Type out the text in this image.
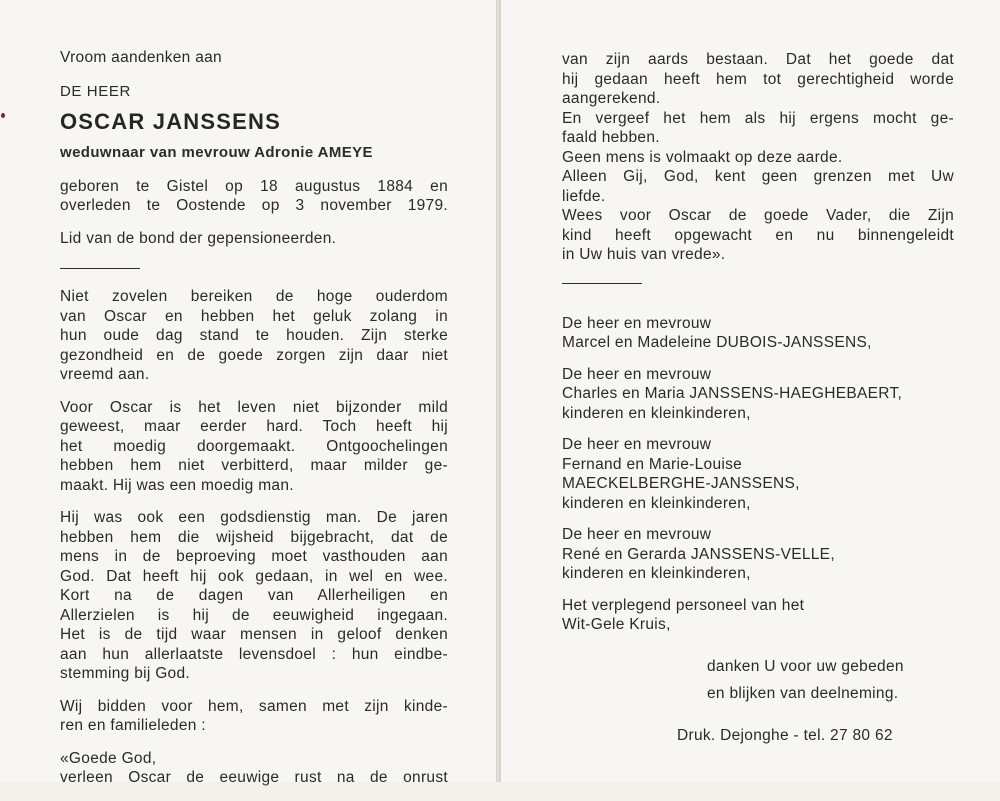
Vroom aandenken aan
DE HEER
OSCAR JANSSENS
weduwnaar van mevrouw Adronie AMEYE
geboren te Gistel op 18 augustus 1884 en
overleden te Oostende op 3 november 1979.
Lid van de bond der gepensioneerden.
Niet zovelen bereiken de hoge ouderdom
van Oscar en hebben het geluk zolang in
hun oude dag stand te houden. Zijn sterke
gezondheid en de goede zorgen zijn daar niet
vreemd aan.
Voor Oscar is het leven niet bijzonder mild
geweest, maar eerder hard. Toch heeft hij
het moedig doorgemaakt. Ontgoochelingen
hebben hem niet verbitterd, maar milder ge-
maakt. Hij was een moedig man.
Hij was ook een godsdienstig man. De jaren
hebben hem die wijsheid bijgebracht, dat de
mens in de beproeving moet vasthouden aan
God. Dat heeft hij ook gedaan, in wel en wee.
Kort na de dagen van Allerheiligen en
Allerzielen is hij de eeuwigheid ingegaan.
Het is de tijd waar mensen in geloof denken
aan hun allerlaatste levensdoel : hun eindbe-
stemming bij God.
Wij bidden voor hem, samen met zijn kinde-
ren en familieleden :
«Goede God,
verleen Oscar de eeuwige rust na de onrust
van zijn aards bestaan. Dat het goede dat
hij gedaan heeft hem tot gerechtigheid worde
aangerekend.
En vergeef het hem als hij ergens mocht ge-
faald hebben.
Geen mens is volmaakt op deze aarde.
Alleen Gij, God, kent geen grenzen met Uw
liefde.
Wees voor Oscar de goede Vader, die Zijn
kind heeft opgewacht en nu binnengeleidt
in Uw huis van vrede».
De heer en mevrouw
Marcel en Madeleine DUBOIS-JANSSENS,
De heer en mevrouw
Charles en Maria JANSSENS-HAEGHEBAERT,
kinderen en kleinkinderen,
De heer en mevrouw
Fernand en Marie-Louise
MAECKELBERGHE-JANSSENS,
kinderen en kleinkinderen,
De heer en mevrouw
René en Gerarda JANSSENS-VELLE,
kinderen en kleinkinderen,
Het verplegend personeel van het
Wit-Gele Kruis,
danken U voor uw gebeden
en blijken van deelneming.
Druk. Dejonghe - tel. 27 80 62
